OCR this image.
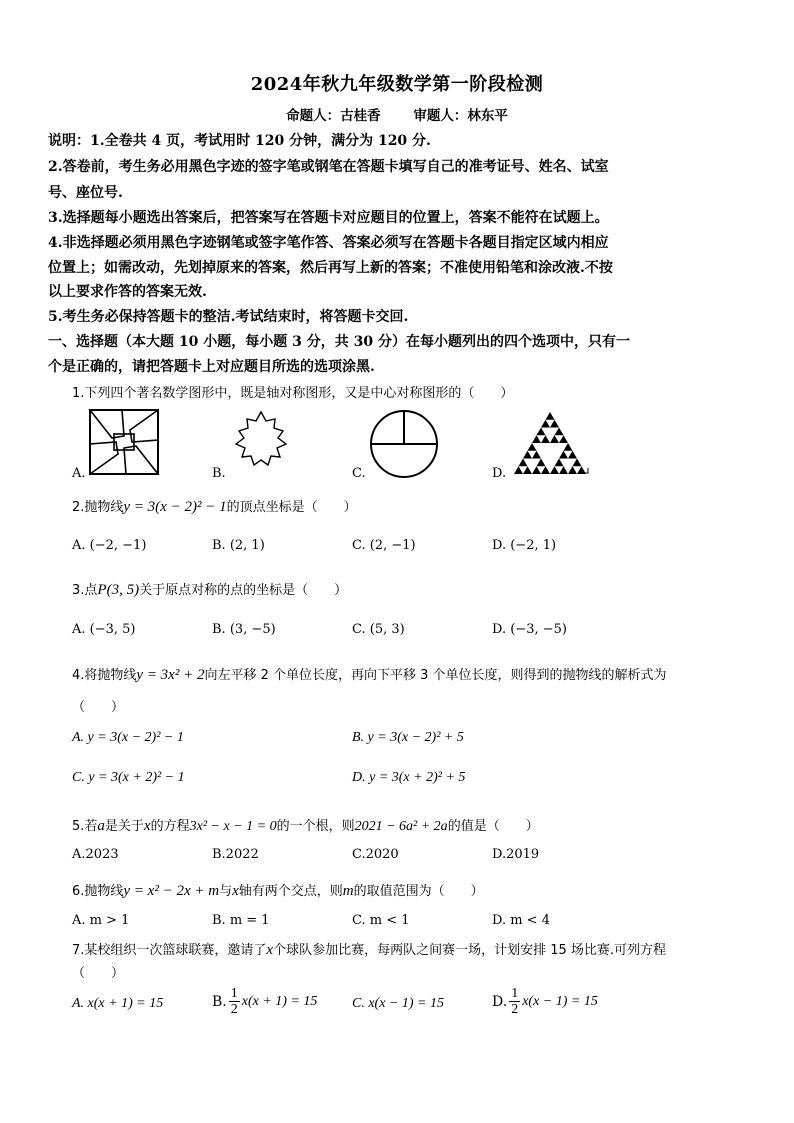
2024年秋九年级数学第一阶段检测
命题人：古桂香 审题人：林东平
说明：1.全卷共 4 页，考试用时 120 分钟，满分为 120 分.
2.答卷前，考生务必用黑色字迹的签字笔或钢笔在答题卡填写自己的准考证号、姓名、试室
号、座位号.
3.选择题每小题选出答案后，把答案写在答题卡对应题目的位置上，答案不能符在试题上。
4.非选择题必须用黑色字迹钢笔或签字笔作答、答案必须写在答题卡各题目指定区域内相应
位置上；如需改动，先划掉原来的答案，然后再写上新的答案；不准使用铅笔和涂改液.不按
以上要求作答的答案无效.
5.考生务必保持答题卡的整洁.考试结束时，将答题卡交回.
一、选择题（本大题 10 小题，每小题 3 分，共 30 分）在每小题列出的四个选项中，只有一
个是正确的，请把答题卡上对应题目所选的选项涂黑.
1.下列四个著名数学图形中，既是轴对称图形，又是中心对称图形的（　　）
A.	B.	C.	D.
2.抛物线y = 3(x − 2)² − 1的顶点坐标是（　　）
A. (−2, −1)	B. (2, 1)	C. (2, −1)	D. (−2, 1)
3.点P(3, 5)关于原点对称的点的坐标是（　　）
A. (−3, 5)	B. (3, −5)	C. (5, 3)	D. (−3, −5)
4.将抛物线y = 3x² + 2向左平移 2 个单位长度，再向下平移 3 个单位长度，则得到的抛物线的解析式为
（　　）
A. y = 3(x − 2)² − 1	B. y = 3(x − 2)² + 5
C. y = 3(x + 2)² − 1	D. y = 3(x + 2)² + 5
5.若a是关于x的方程3x² − x − 1 = 0的一个根，则2021 − 6a² + 2a的值是（　　）
A.2023	B.2022	C.2020	D.2019
6.抛物线y = x² − 2x + m与x轴有两个交点，则m的取值范围为（　　）
A. m > 1	B. m = 1	C. m < 1	D. m < 4
7.某校组织一次篮球联赛，邀请了x个球队参加比赛，每两队之间赛一场，计划安排 15 场比赛.可列方程
（　　）
A. x(x + 1) = 15	B.
1
2
x(x + 1) = 15 C. x(x − 1) = 15	D.
1
2
x(x − 1) = 15
